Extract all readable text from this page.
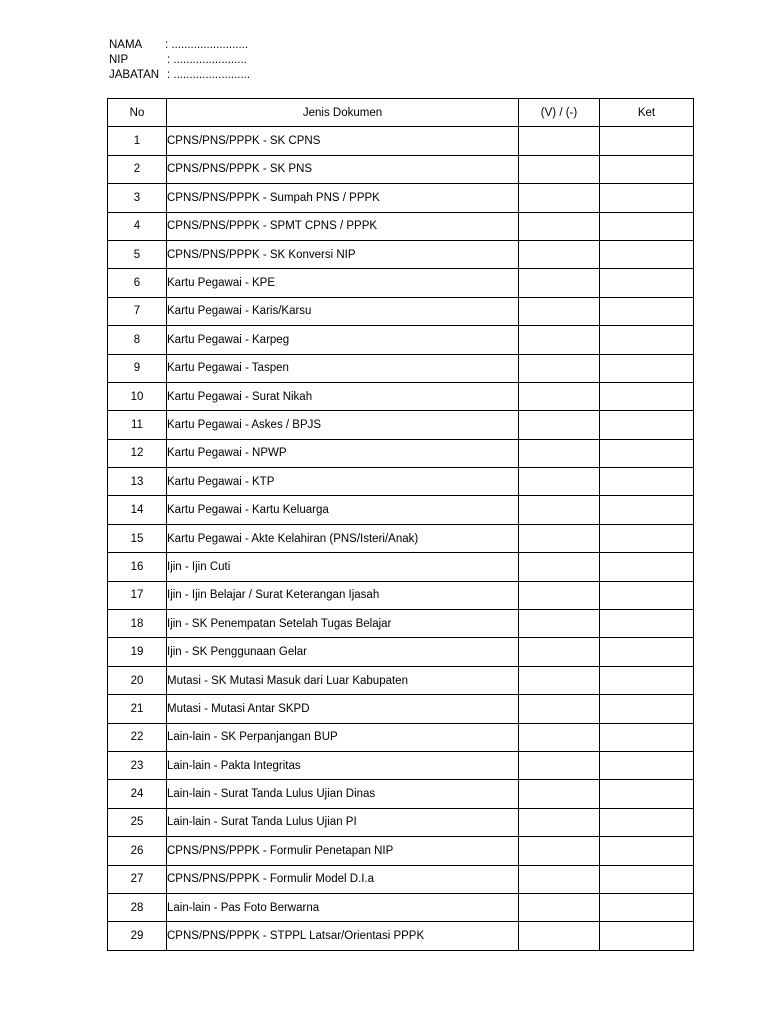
NAMA	: ........................
NIP	: .......................
JABATAN : ........................
No	Jenis Dokumen	(V) / (-)	Ket
1	CPNS/PNS/PPPK - SK CPNS		
2	CPNS/PNS/PPPK - SK PNS		
3	CPNS/PNS/PPPK - Sumpah PNS / PPPK		
4	CPNS/PNS/PPPK - SPMT CPNS / PPPK		
5	CPNS/PNS/PPPK - SK Konversi NIP		
6	Kartu Pegawai - KPE		
7	Kartu Pegawai - Karis/Karsu		
8	Kartu Pegawai - Karpeg		
9	Kartu Pegawai - Taspen		
10	Kartu Pegawai - Surat Nikah		
11	Kartu Pegawai - Askes / BPJS		
12	Kartu Pegawai - NPWP		
13	Kartu Pegawai - KTP		
14	Kartu Pegawai - Kartu Keluarga		
15	Kartu Pegawai - Akte Kelahiran (PNS/Isteri/Anak)		
16	Ijin - Ijin Cuti		
17	Ijin - Ijin Belajar / Surat Keterangan Ijasah		
18	Ijin - SK Penempatan Setelah Tugas Belajar		
19	Ijin - SK Penggunaan Gelar		
20	Mutasi - SK Mutasi Masuk dari Luar Kabupaten		
21	Mutasi - Mutasi Antar SKPD		
22	Lain-lain - SK Perpanjangan BUP		
23	Lain-lain - Pakta Integritas		
24	Lain-lain - Surat Tanda Lulus Ujian Dinas		
25	Lain-lain - Surat Tanda Lulus Ujian PI		
26	CPNS/PNS/PPPK - Formulir Penetapan NIP		
27	CPNS/PNS/PPPK - Formulir Model D.I.a		
28	Lain-lain - Pas Foto Berwarna		
29	CPNS/PNS/PPPK - STPPL Latsar/Orientasi PPPK		
